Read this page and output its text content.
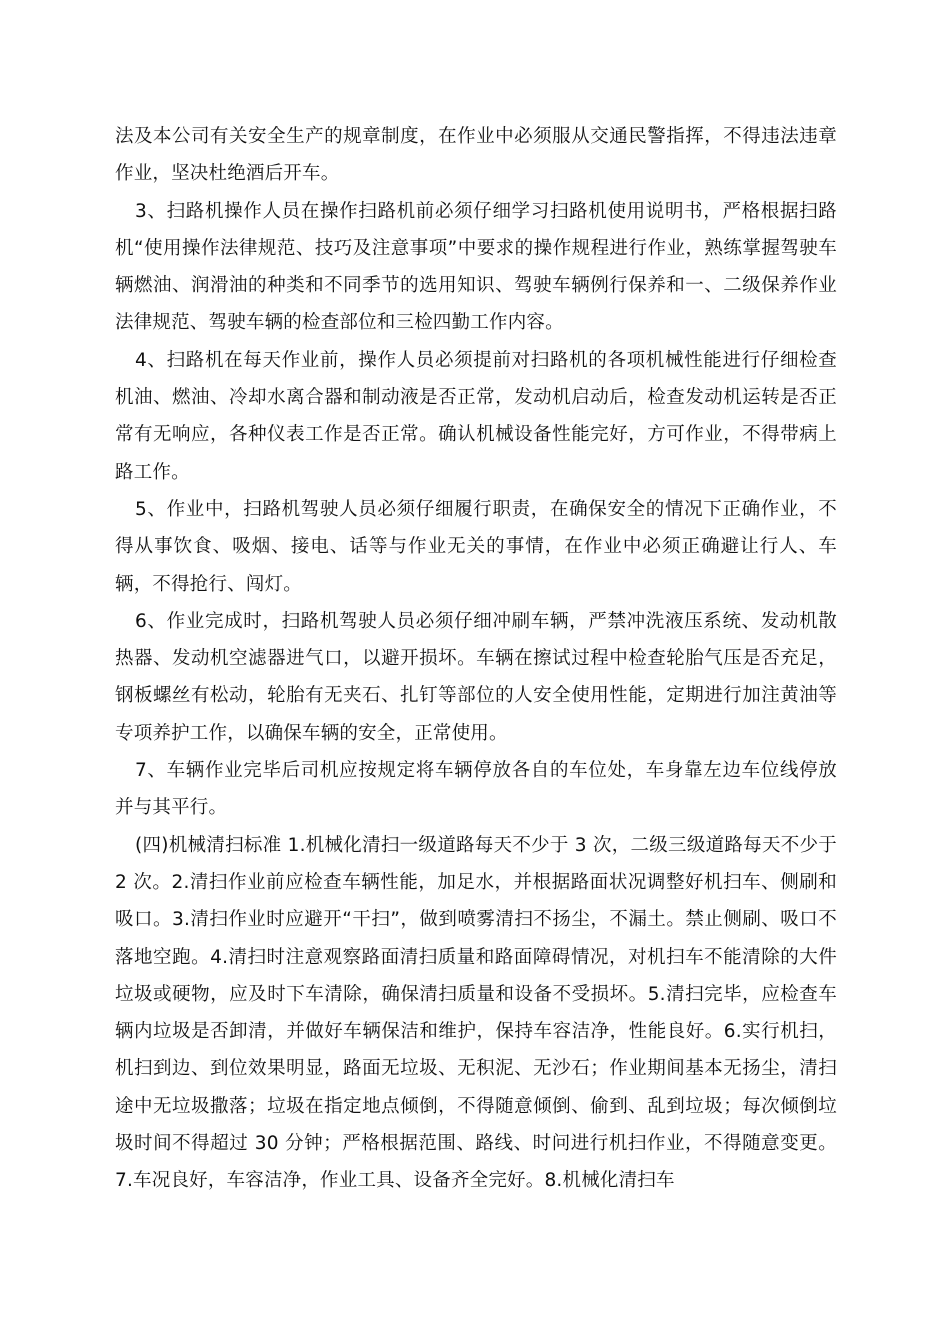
法及本公司有关安全生产的规章制度，在作业中必须服从交通民警指挥，不得违法违章作业，坚决杜绝酒后开车。

3、扫路机操作人员在操作扫路机前必须仔细学习扫路机使用说明书，严格根据扫路机“使用操作法律规范、技巧及注意事项”中要求的操作规程进行作业，熟练掌握驾驶车辆燃油、润滑油的种类和不同季节的选用知识、驾驶车辆例行保养和一、二级保养作业法律规范、驾驶车辆的检查部位和三检四勤工作内容。

4、扫路机在每天作业前，操作人员必须提前对扫路机的各项机械性能进行仔细检查机油、燃油、冷却水离合器和制动液是否正常，发动机启动后，检查发动机运转是否正常有无响应，各种仪表工作是否正常。确认机械设备性能完好，方可作业，不得带病上路工作。

5、作业中，扫路机驾驶人员必须仔细履行职责，在确保安全的情况下正确作业，不得从事饮食、吸烟、接电、话等与作业无关的事情，在作业中必须正确避让行人、车辆，不得抢行、闯灯。

6、作业完成时，扫路机驾驶人员必须仔细冲刷车辆，严禁冲洗液压系统、发动机散热器、发动机空滤器进气口，以避开损坏。车辆在擦试过程中检查轮胎气压是否充足，钢板螺丝有松动，轮胎有无夹石、扎钉等部位的人安全使用性能，定期进行加注黄油等专项养护工作，以确保车辆的安全，正常使用。

7、车辆作业完毕后司机应按规定将车辆停放各自的车位处，车身靠左边车位线停放并与其平行。

(四)机械清扫标准 1.机械化清扫一级道路每天不少于 3 次，二级三级道路每天不少于 2 次。2.清扫作业前应检查车辆性能，加足水，并根据路面状况调整好机扫车、侧刷和吸口。3.清扫作业时应避开“干扫”，做到喷雾清扫不扬尘，不漏土。禁止侧刷、吸口不落地空跑。4.清扫时注意观察路面清扫质量和路面障碍情况，对机扫车不能清除的大件垃圾或硬物，应及时下车清除，确保清扫质量和设备不受损坏。5.清扫完毕，应检查车辆内垃圾是否卸清，并做好车辆保洁和维护，保持车容洁净，性能良好。6.实行机扫，机扫到边、到位效果明显，路面无垃圾、无积泥、无沙石；作业期间基本无扬尘，清扫途中无垃圾撒落；垃圾在指定地点倾倒，不得随意倾倒、偷到、乱到垃圾；每次倾倒垃圾时间不得超过 30 分钟；严格根据范围、路线、时问进行机扫作业，不得随意变更。7.车况良好，车容洁净，作业工具、设备齐全完好。8.机械化清扫车
